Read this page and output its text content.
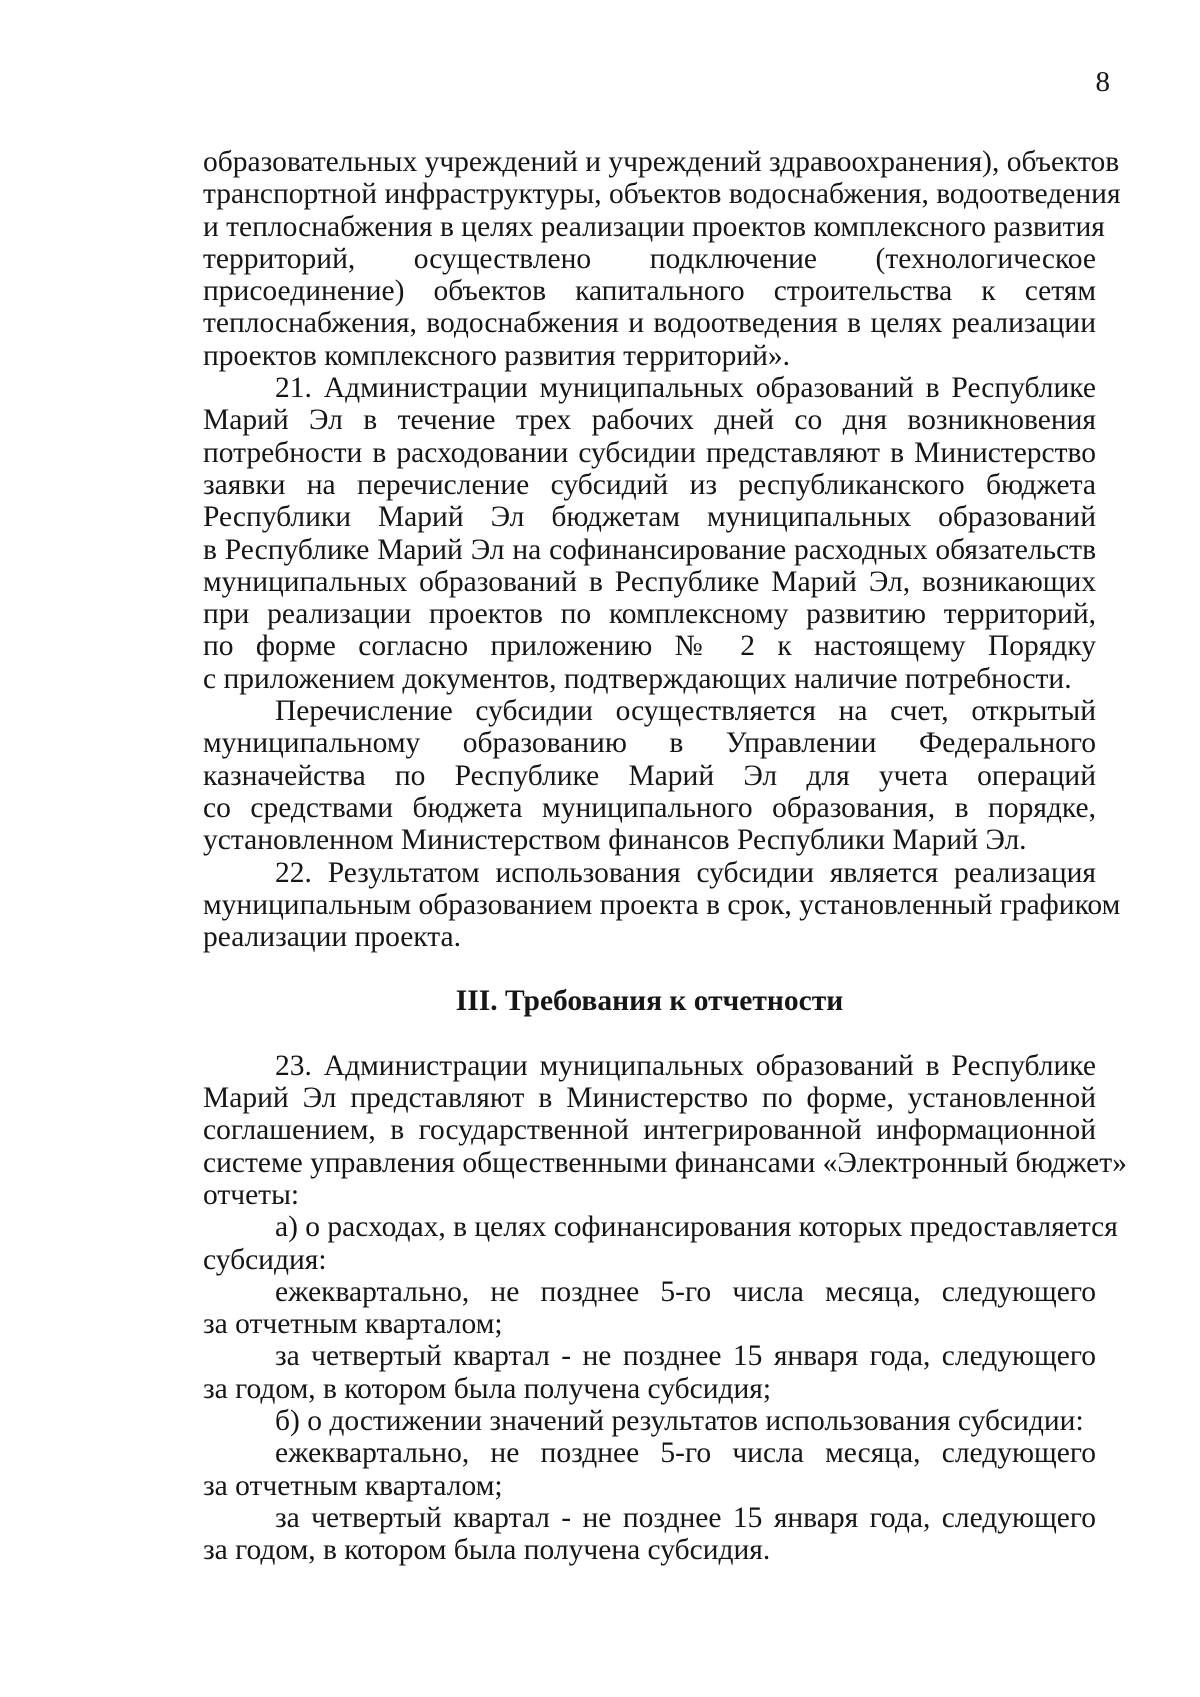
8
образовательных учреждений и учреждений здравоохранения), объектов
транспортной инфраструктуры, объектов водоснабжения, водоотведения
и теплоснабжения в целях реализации проектов комплексного развития
территорий, осуществлено подключение (технологическое
присоединение) объектов капитального строительства к сетям
теплоснабжения, водоснабжения и водоотведения в целях реализации
проектов комплексного развития территорий».
21. Администрации муниципальных образований в Республике
Марий Эл в течение трех рабочих дней со дня возникновения
потребности в расходовании субсидии представляют в Министерство
заявки на перечисление субсидий из республиканского бюджета
Республики Марий Эл бюджетам муниципальных образований
в Республике Марий Эл на софинансирование расходных обязательств
муниципальных образований в Республике Марий Эл, возникающих
при реализации проектов по комплексному развитию территорий,
по форме согласно приложению № 2 к настоящему Порядку
с приложением документов, подтверждающих наличие потребности.
Перечисление субсидии осуществляется на счет, открытый
муниципальному образованию в Управлении Федерального
казначейства по Республике Марий Эл для учета операций
со средствами бюджета муниципального образования, в порядке,
установленном Министерством финансов Республики Марий Эл.
22. Результатом использования субсидии является реализация
муниципальным образованием проекта в срок, установленный графиком
реализации проекта.
III. Требования к отчетности
23. Администрации муниципальных образований в Республике
Марий Эл представляют в Министерство по форме, установленной
соглашением, в государственной интегрированной информационной
системе управления общественными финансами «Электронный бюджет»
отчеты:
а) о расходах, в целях софинансирования которых предоставляется
субсидия:
ежеквартально, не позднее 5-го числа месяца, следующего
за отчетным кварталом;
за четвертый квартал - не позднее 15 января года, следующего
за годом, в котором была получена субсидия;
б) о достижении значений результатов использования субсидии:
ежеквартально, не позднее 5-го числа месяца, следующего
за отчетным кварталом;
за четвертый квартал - не позднее 15 января года, следующего
за годом, в котором была получена субсидия.
